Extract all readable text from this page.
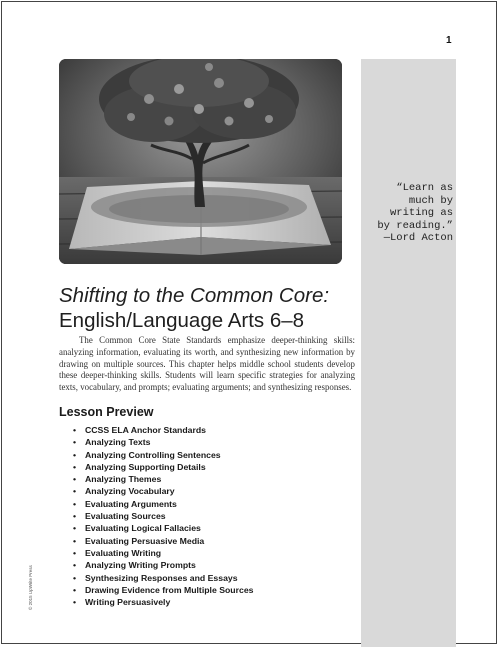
1
“Learn as
much by
writing as
by reading.”
—Lord Acton
Shifting to the Common Core:
English/Language Arts 6–8
The Common Core State Standards emphasize deeper-thinking skills: analyzing information, evaluating its worth, and synthesizing new information by drawing on multiple sources. This chapter helps middle school students develop these deeper-thinking skills. Students will learn specific strategies for analyzing texts, vocabulary, and prompts; evaluating arguments; and synthesizing responses.
Lesson Preview
• CCSS ELA Anchor Standards
• Analyzing Texts
• Analyzing Controlling Sentences
• Analyzing Supporting Details
• Analyzing Themes
• Analyzing Vocabulary
• Evaluating Arguments
• Evaluating Sources
• Evaluating Logical Fallacies
• Evaluating Persuasive Media
• Evaluating Writing
• Analyzing Writing Prompts
• Synthesizing Responses and Essays
• Drawing Evidence from Multiple Sources
• Writing Persuasively
© 2015 UpWrite Press
